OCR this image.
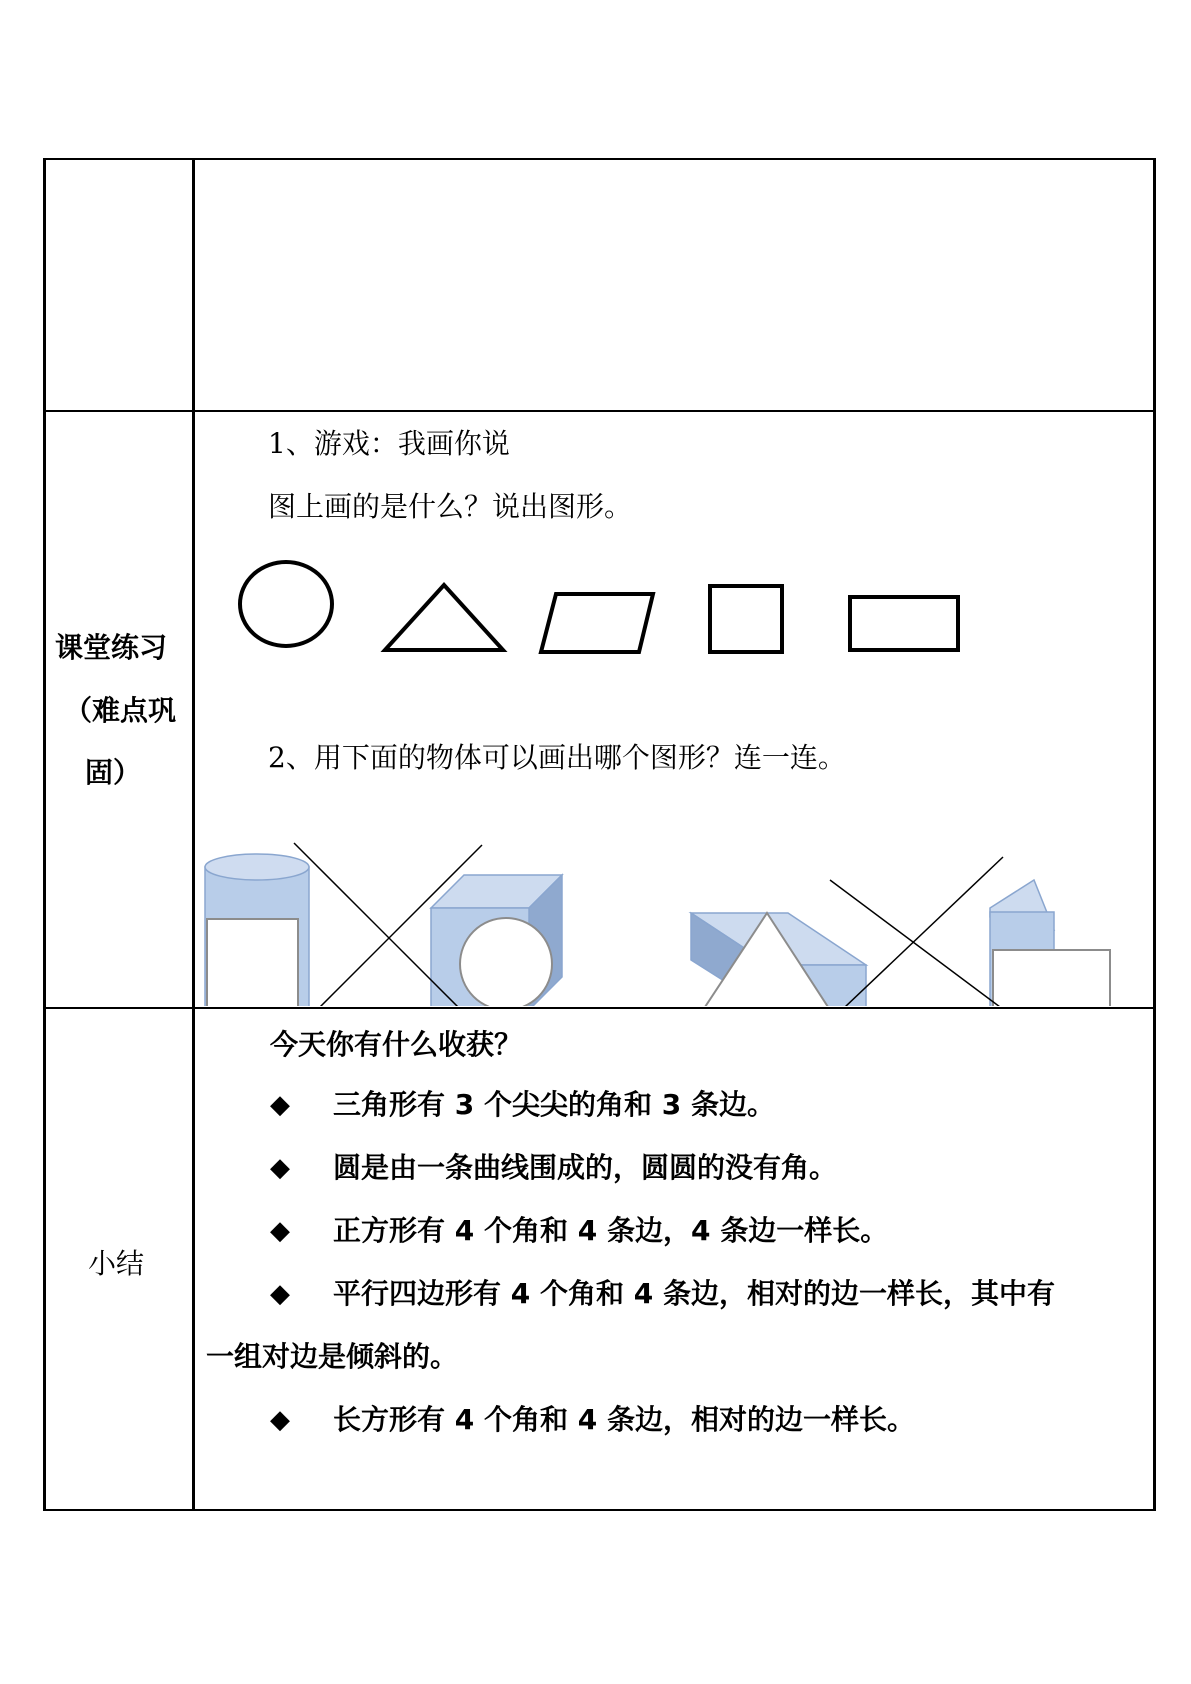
课堂练习
（难点巩
固）
1、游戏：我画你说
图上画的是什么？说出图形。
2、用下面的物体可以画出哪个图形？连一连。
小结
今天你有什么收获？
◆ 三角形有 3 个尖尖的角和 3 条边。
◆ 圆是由一条曲线围成的，圆圆的没有角。
◆ 正方形有 4 个角和 4 条边，4 条边一样长。
◆ 平行四边形有 4 个角和 4 条边，相对的边一样长，其中有
一组对边是倾斜的。
◆ 长方形有 4 个角和 4 条边，相对的边一样长。
